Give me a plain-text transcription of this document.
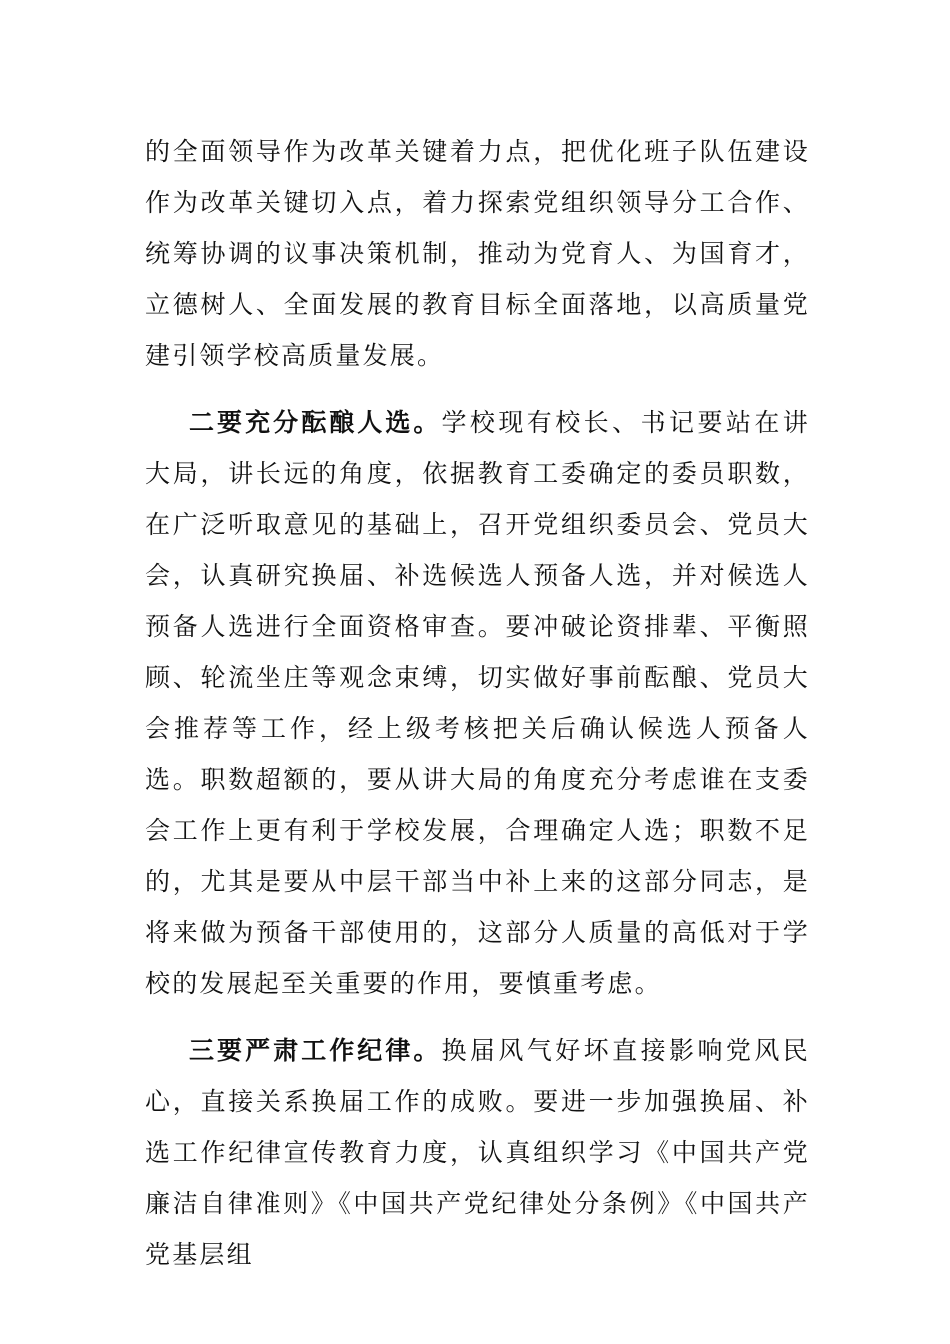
的全面领导作为改革关键着力点，把优化班子队伍建设作为改革关键切入点，着力探索党组织领导分工合作、统筹协调的议事决策机制，推动为党育人、为国育才，立德树人、全面发展的教育目标全面落地，以高质量党建引领学校高质量发展。

二要充分酝酿人选。学校现有校长、书记要站在讲大局，讲长远的角度，依据教育工委确定的委员职数，在广泛听取意见的基础上，召开党组织委员会、党员大会，认真研究换届、补选候选人预备人选，并对候选人预备人选进行全面资格审查。要冲破论资排辈、平衡照顾、轮流坐庄等观念束缚，切实做好事前酝酿、党员大会推荐等工作，经上级考核把关后确认候选人预备人选。职数超额的，要从讲大局的角度充分考虑谁在支委会工作上更有利于学校发展，合理确定人选；职数不足的，尤其是要从中层干部当中补上来的这部分同志，是将来做为预备干部使用的，这部分人质量的高低对于学校的发展起至关重要的作用，要慎重考虑。

三要严肃工作纪律。换届风气好坏直接影响党风民心，直接关系换届工作的成败。要进一步加强换届、补选工作纪律宣传教育力度，认真组织学习《中国共产党廉洁自律准则》《中国共产党纪律处分条例》《中国共产党基层组
